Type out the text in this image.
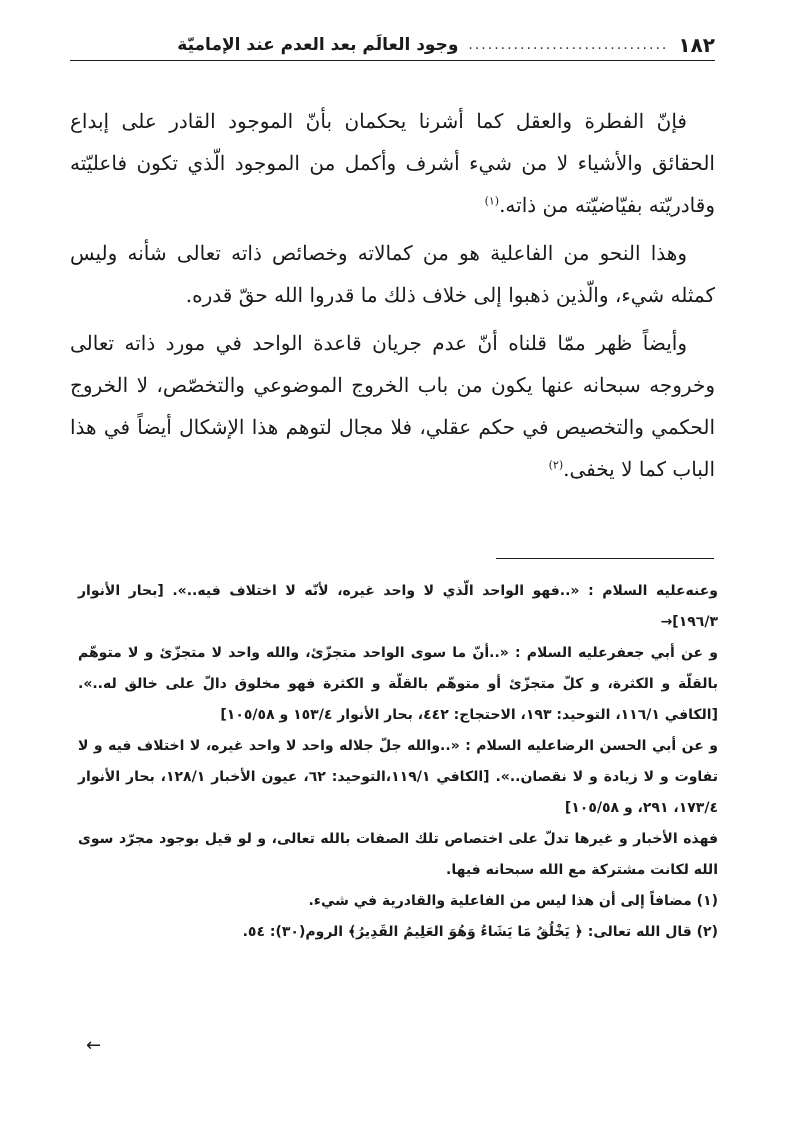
١٨٢
...............................
وجود العالَم بعد العدم عند الإماميّة

فإنّ الفطرة والعقل كما أشرنا يحكمان بأنّ الموجود القادر على إبداع الحقائق والأشياء لا من شيء أشرف وأكمل من الموجود الّذي تكون فاعليّته وقادريّته بفيّاضيّته من ذاته.$^{(١)}$

وهذا النحو من الفاعلية هو من كمالاته وخصائص ذاته تعالى شأنه وليس كمثله شيء، والّذين ذهبوا إلى خلاف ذلك ما قدروا الله حقّ قدره.

وأيضاً ظهر ممّا قلناه أنّ عدم جريان قاعدة الواحد في مورد ذاته تعالى وخروجه سبحانه عنها يكون من باب الخروج الموضوعي والتخصّص، لا الخروج الحكمي والتخصيص في حكم عقلي، فلا مجال لتوهم هذا الإشكال أيضاً في هذا الباب كما لا يخفى.$^{(٢)}$

وعنه‌عليه السلام : «..فهو الواحد الّذي لا واحد غيره، لأنّه لا اختلاف فيه..». [بحار الأنوار ١٩٦/٣]→

و عن أبي جعفرعليه السلام : «..أنّ ما سوى الواحد متجزّئ، والله واحد لا متجزّئ و لا متوهّم بالقلّة و الكثرة، و كلّ متجزّئ أو متوهّم بالقلّة و الكثرة فهو مخلوق دالّ على خالق له..». [الكافي ١١٦/١، التوحيد: ١٩٣، الاحتجاج: ٤٤٢، بحار الأنوار ١٥٣/٤ و ١٠٥/٥٨]

و عن أبي الحسن الرضاعليه السلام : «..والله جلّ جلاله واحد لا واحد غيره، لا اختلاف فيه و لا تفاوت و لا زيادة و لا نقصان..». [الكافي ١١٩/١،التوحيد: ٦٢، عيون الأخبار ١٢٨/١، بحار الأنوار ١٧٣/٤، ٢٩١، و ١٠٥/٥٨]

فهذه الأخبار و غيرها تدلّ على اختصاص تلك الصفات بالله تعالى، و لو قيل بوجود مجرّد سوى الله لكانت مشتركة مع الله سبحانه فيها.

(١) مضافاً إلى أن هذا ليس من الفاعلية والقادرية في شيء.

(٢) قال الله تعالى: ﴿ يَخْلُقُ مَا يَشَاءُ وَهُوَ العَلِيمُ القَدِيرُ﴾ الروم(٣٠): ٥٤.

←
